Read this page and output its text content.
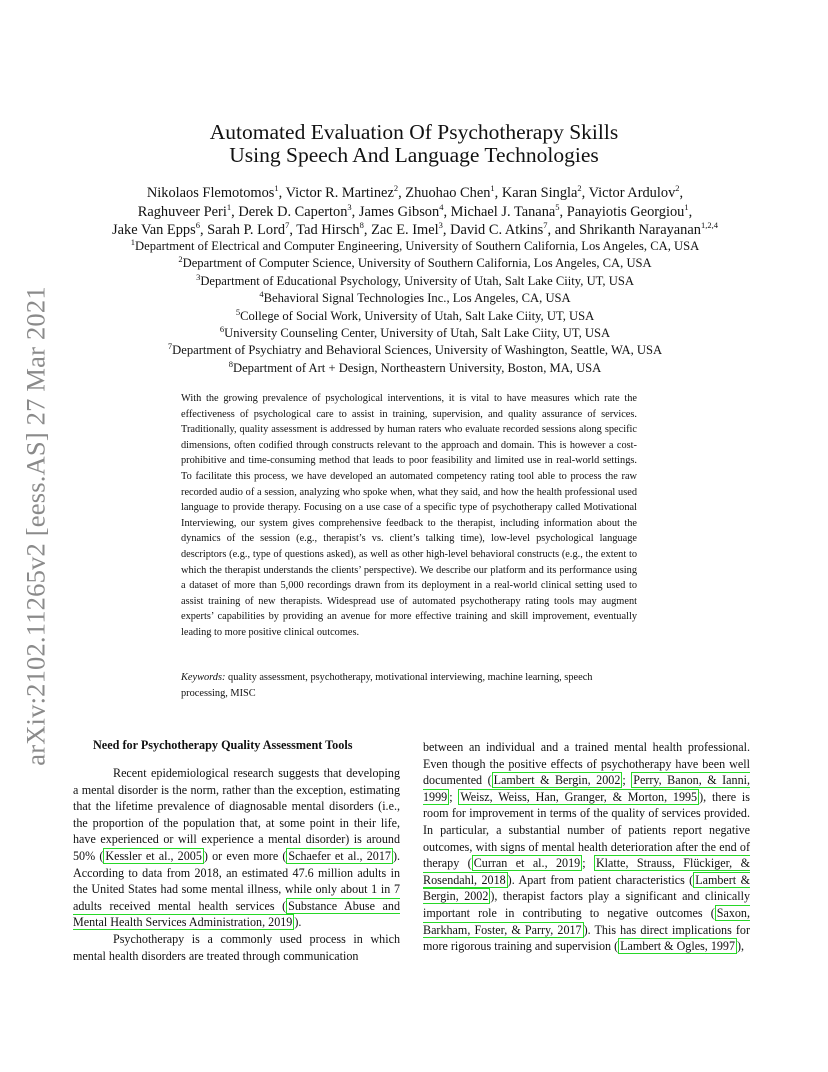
arXiv:2102.11265v2 [eess.AS] 27 Mar 2021
Automated Evaluation Of Psychotherapy Skills
Using Speech And Language Technologies
Nikolaos Flemotomos$^1$, Victor R. Martinez$^2$, Zhuohao Chen$^1$, Karan Singla$^2$, Victor Ardulov$^2$,
Raghuveer Peri$^1$, Derek D. Caperton$^3$, James Gibson$^4$, Michael J. Tanana$^5$, Panayiotis Georgiou$^1$,
Jake Van Epps$^6$, Sarah P. Lord$^7$, Tad Hirsch$^8$, Zac E. Imel$^3$, David C. Atkins$^7$, and Shrikanth Narayanan$^{1,2,4}$
$^1$Department of Electrical and Computer Engineering, University of Southern California, Los Angeles, CA, USA
$^2$Department of Computer Science, University of Southern California, Los Angeles, CA, USA
$^3$Department of Educational Psychology, University of Utah, Salt Lake Ciity, UT, USA
$^4$Behavioral Signal Technologies Inc., Los Angeles, CA, USA
$^5$College of Social Work, University of Utah, Salt Lake Ciity, UT, USA
$^6$University Counseling Center, University of Utah, Salt Lake Ciity, UT, USA
$^7$Department of Psychiatry and Behavioral Sciences, University of Washington, Seattle, WA, USA
$^8$Department of Art + Design, Northeastern University, Boston, MA, USA
With the growing prevalence of psychological interventions, it is vital to have measures which rate the effectiveness of psychological care to assist in training, supervision, and quality assurance of services. Traditionally, quality assessment is addressed by human raters who evaluate recorded sessions along specific dimensions, often codified through constructs relevant to the approach and domain. This is however a cost-prohibitive and time-consuming method that leads to poor feasibility and limited use in real-world settings. To facilitate this process, we have developed an automated competency rating tool able to process the raw recorded audio of a session, analyzing who spoke when, what they said, and how the health professional used language to provide therapy. Focusing on a use case of a specific type of psychotherapy called Motivational Interviewing, our system gives comprehensive feedback to the therapist, including information about the dynamics of the session (e.g., therapist’s vs. client’s talking time), low-level psychological language descriptors (e.g., type of questions asked), as well as other high-level behavioral constructs (e.g., the extent to which the therapist understands the clients’ perspective). We describe our platform and its performance using a dataset of more than 5,000 recordings drawn from its deployment in a real-world clinical setting used to assist training of new therapists. Widespread use of automated psychotherapy rating tools may augment experts’ capabilities by providing an avenue for more effective training and skill improvement, eventually leading to more positive clinical outcomes.
Keywords: quality assessment, psychotherapy, motivational interviewing, machine learning, speech processing, MISC
Need for Psychotherapy Quality Assessment Tools

Recent epidemiological research suggests that developing a mental disorder is the norm, rather than the exception, estimating that the lifetime prevalence of diagnosable mental disorders (i.e., the proportion of the population that, at some point in their life, have experienced or will experience a mental disorder) is around 50% ( Kessler et al., 2005 ) or even more ( Schaefer et al., 2017 ). According to data from 2018, an estimated 47.6 million adults in the United States had some mental illness, while only about 1 in 7 adults received mental health services ( Substance Abuse and Mental Health Services Administration, 2019 ).

Psychotherapy is a commonly used process in which mental health disorders are treated through communication

between an individual and a trained mental health professional. Even though the positive effects of psychotherapy have been well documented ( Lambert & Bergin, 2002 ; Perry, Banon, & Ianni, 1999 ; Weisz, Weiss, Han, Granger, & Morton, 1995 ), there is room for improvement in terms of the quality of services provided. In particular, a substantial number of patients report negative outcomes, with signs of mental health deterioration after the end of therapy ( Curran et al., 2019 ; Klatte, Strauss, Flückiger, & Rosendahl, 2018 ). Apart from patient characteristics ( Lambert & Bergin, 2002 ), therapist factors play a significant and clinically important role in contributing to negative outcomes ( Saxon, Barkham, Foster, & Parry, 2017 ). This has direct implications for more rigorous training and supervision ( Lambert & Ogles, 1997 ),
